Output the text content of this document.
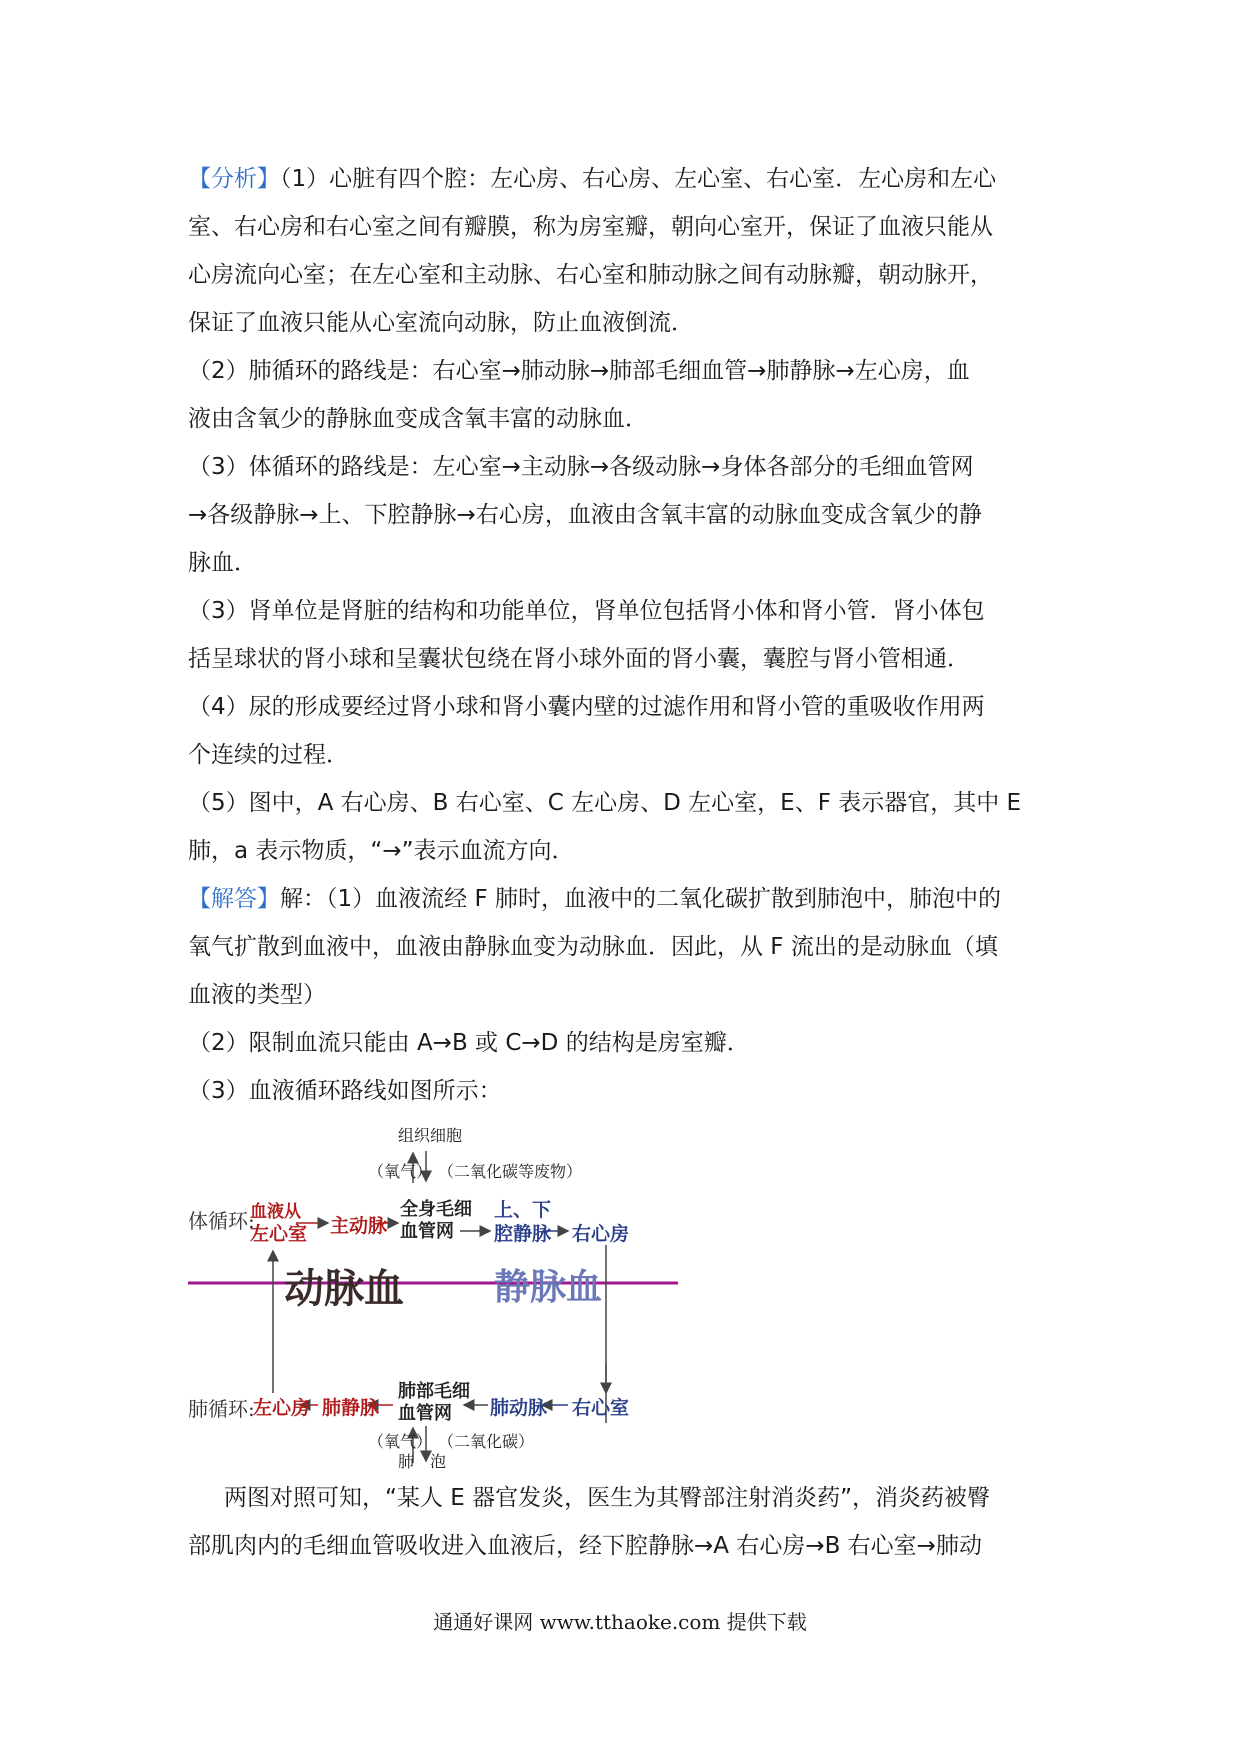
【分析】（1）心脏有四个腔：左心房、右心房、左心室、右心室．左心房和左心
室、右心房和右心室之间有瓣膜，称为房室瓣，朝向心室开，保证了血液只能从
心房流向心室；在左心室和主动脉、右心室和肺动脉之间有动脉瓣，朝动脉开，
保证了血液只能从心室流向动脉，防止血液倒流．
（2）肺循环的路线是：右心室→肺动脉→肺部毛细血管→肺静脉→左心房，血
液由含氧少的静脉血变成含氧丰富的动脉血．
（3）体循环的路线是：左心室→主动脉→各级动脉→身体各部分的毛细血管网
→各级静脉→上、下腔静脉→右心房，血液由含氧丰富的动脉血变成含氧少的静
脉血．
（3）肾单位是肾脏的结构和功能单位，肾单位包括肾小体和肾小管．肾小体包
括呈球状的肾小球和呈囊状包绕在肾小球外面的肾小囊，囊腔与肾小管相通．
（4）尿的形成要经过肾小球和肾小囊内壁的过滤作用和肾小管的重吸收作用两
个连续的过程．
（5）图中，A 右心房、B 右心室、C 左心房、D 左心室，E、F 表示器官，其中 E
肺，a 表示物质，“→”表示血流方向．
【解答】解：（1）血液流经 F 肺时，血液中的二氧化碳扩散到肺泡中，肺泡中的
氧气扩散到血液中，血液由静脉血变为动脉血．因此，从 F 流出的是动脉血（填
血液的类型）
（2）限制血流只能由 A→B 或 C→D 的结构是房室瓣．
（3）血液循环路线如图所示：
组织细胞
（氧气） （二氧化碳等废物）
体循环:
血液从
左心室 主动脉
全身毛细
血管网
上、下
腔静脉 右心房
动脉血	静脉血
肺循环:
左心房 肺静脉
肺部毛细
血管网 肺动脉 右心室
（氧气） （二氧化碳）
肺　泡
两图对照可知，“某人 E 器官发炎，医生为其臀部注射消炎药”，消炎药被臀
部肌肉内的毛细血管吸收进入血液后，经下腔静脉→A 右心房→B 右心室→肺动
通通好课网 www.tthaoke.com 提供下载
